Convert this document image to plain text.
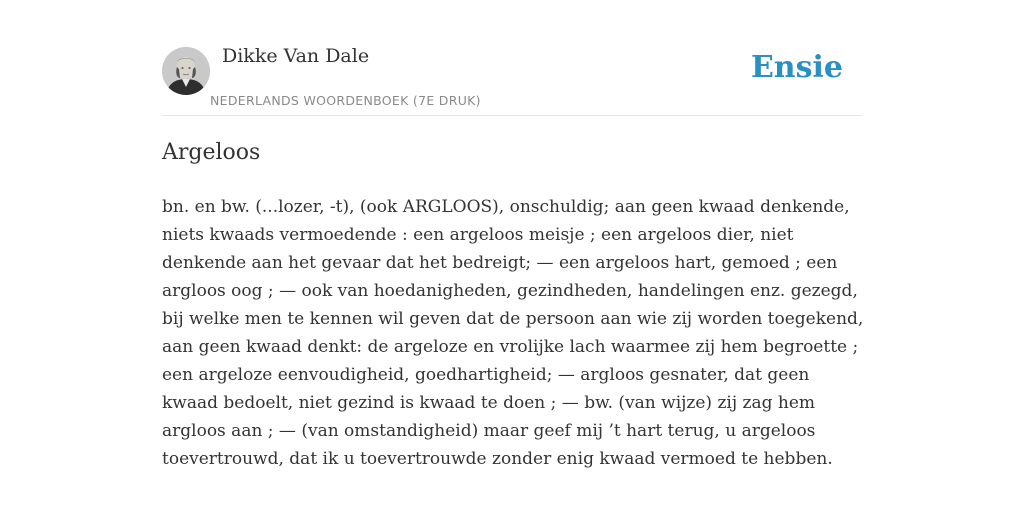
Dikke Van Dale
NEDERLANDS WOORDENBOEK (7E DRUK)
Ensie
Argeloos

bn. en bw. (...lozer, -t), (ook ARGLOOS), onschuldig; aan geen kwaad denkende,
niets kwaads vermoedende : een argeloos meisje ; een argeloos dier, niet
denkende aan het gevaar dat het bedreigt; — een argeloos hart, gemoed ; een
argloos oog ; — ook van hoedanigheden, gezindheden, handelingen enz. gezegd,
bij welke men te kennen wil geven dat de persoon aan wie zij worden toegekend,
aan geen kwaad denkt: de argeloze en vrolijke lach waarmee zij hem begroette ;
een argeloze eenvoudigheid, goedhartigheid; — argloos gesnater, dat geen
kwaad bedoelt, niet gezind is kwaad te doen ; — bw. (van wijze) zij zag hem
argloos aan ; — (van omstandigheid) maar geef mij ’t hart terug, u argeloos
toevertrouwd, dat ik u toevertrouwde zonder enig kwaad vermoed te hebben.
